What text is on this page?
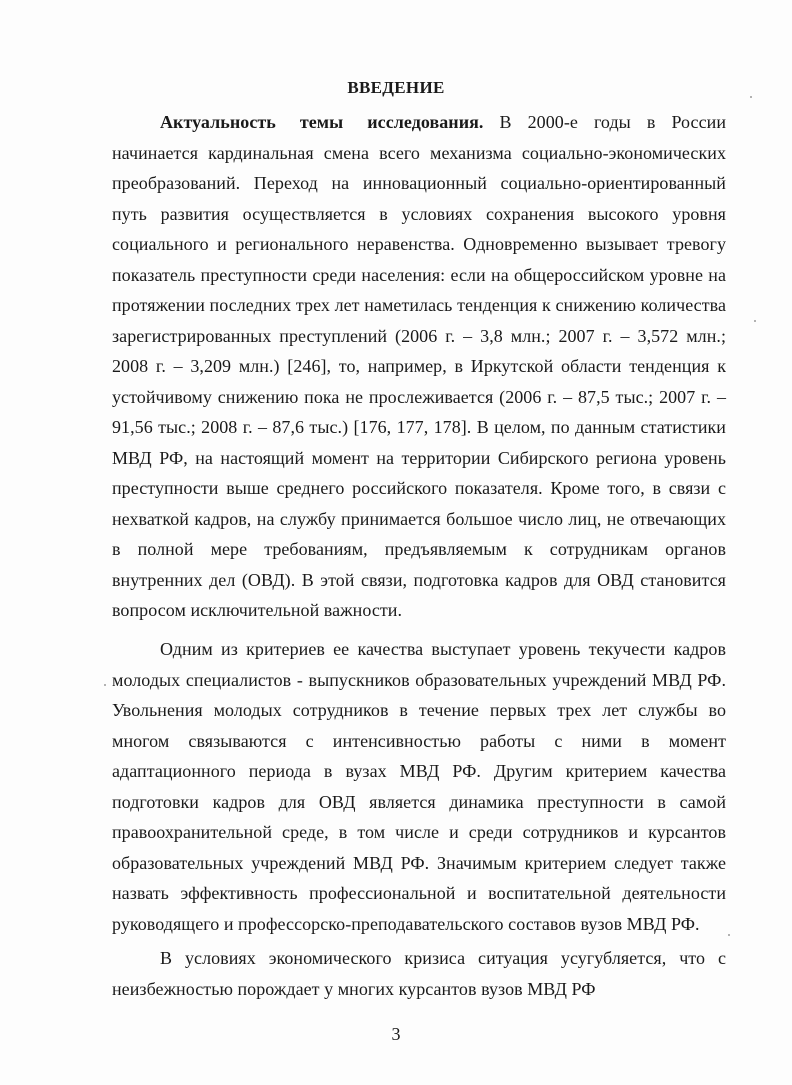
ВВЕДЕНИЕ

Актуальность темы исследования. В 2000-е годы в России начинается кардинальная смена всего механизма социально-экономических преобразований. Переход на инновационный социально-ориентированный путь развития осуществляется в условиях сохранения высокого уровня социального и регионального неравенства. Одновременно вызывает тревогу показатель преступности среди населения: если на общероссийском уровне на протяжении последних трех лет наметилась тенденция к снижению количества зарегистрированных преступлений (2006 г. – 3,8 млн.; 2007 г. – 3,572 млн.; 2008 г. – 3,209 млн.) [246], то, например, в Иркутской области тенденция к устойчивому снижению пока не прослеживается (2006 г. – 87,5 тыс.; 2007 г. – 91,56 тыс.; 2008 г. – 87,6 тыс.) [176, 177, 178]. В целом, по данным статистики МВД РФ, на настоящий момент на территории Сибирского региона уровень преступности выше среднего российского показателя. Кроме того, в связи с нехваткой кадров, на службу принимается большое число лиц, не отвечающих в полной мере требованиям, предъявляемым к сотрудникам органов внутренних дел (ОВД). В этой связи, подготовка кадров для ОВД становится вопросом исключительной важности.

Одним из критериев ее качества выступает уровень текучести кадров молодых специалистов - выпускников образовательных учреждений МВД РФ. Увольнения молодых сотрудников в течение первых трех лет службы во многом связываются с интенсивностью работы с ними в момент адаптационного периода в вузах МВД РФ. Другим критерием качества подготовки кадров для ОВД является динамика преступности в самой правоохранительной среде, в том числе и среди сотрудников и курсантов образовательных учреждений МВД РФ. Значимым критерием следует также назвать эффективность профессиональной и воспитательной деятельности руководящего и профессорско-преподавательского составов вузов МВД РФ.

В условиях экономического кризиса ситуация усугубляется, что с неизбежностью порождает у многих курсантов вузов МВД РФ

3
